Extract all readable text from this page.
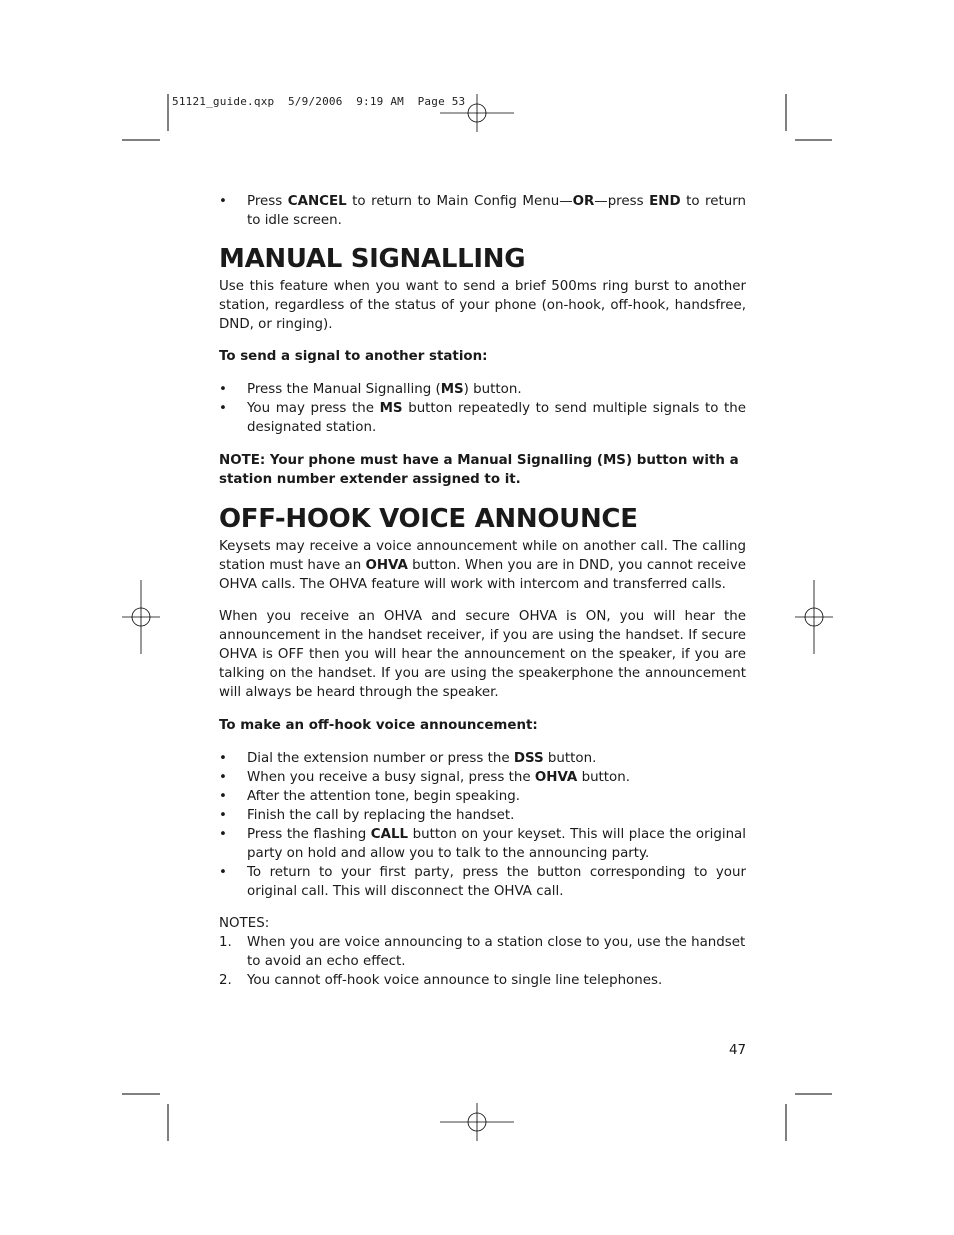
51121_guide.qxp  5/9/2006  9:19 AM  Page 53

• Press CANCEL to return to Main Config Menu—OR—press END to return to idle screen.

MANUAL SIGNALLING

Use this feature when you want to send a brief 500ms ring burst to another station, regardless of the status of your phone (on-hook, off-hook, handsfree, DND, or ringing).

To send a signal to another station:

• Press the Manual Signalling (MS) button.

• You may press the MS button repeatedly to send multiple signals to the designated station.

NOTE: Your phone must have a Manual Signalling (MS) button with a station number extender assigned to it.

OFF-HOOK VOICE ANNOUNCE

Keysets may receive a voice announcement while on another call. The calling station must have an OHVA button. When you are in DND, you cannot receive OHVA calls. The OHVA feature will work with intercom and transferred calls.

When you receive an OHVA and secure OHVA is ON, you will hear the announcement in the handset receiver, if you are using the handset. If secure OHVA is OFF then you will hear the announcement on the speaker, if you are talking on the handset. If you are using the speakerphone the announcement will always be heard through the speaker.

To make an off-hook voice announcement:

• Dial the extension number or press the DSS button.

• When you receive a busy signal, press the OHVA button.

• After the attention tone, begin speaking.

• Finish the call by replacing the handset.

• Press the flashing CALL button on your keyset. This will place the original party on hold and allow you to talk to the announcing party.

• To return to your first party, press the button corresponding to your original call. This will disconnect the OHVA call.

NOTES:

1. When you are voice announcing to a station close to you, use the handset to avoid an echo effect.

2. You cannot off-hook voice announce to single line telephones.

47
